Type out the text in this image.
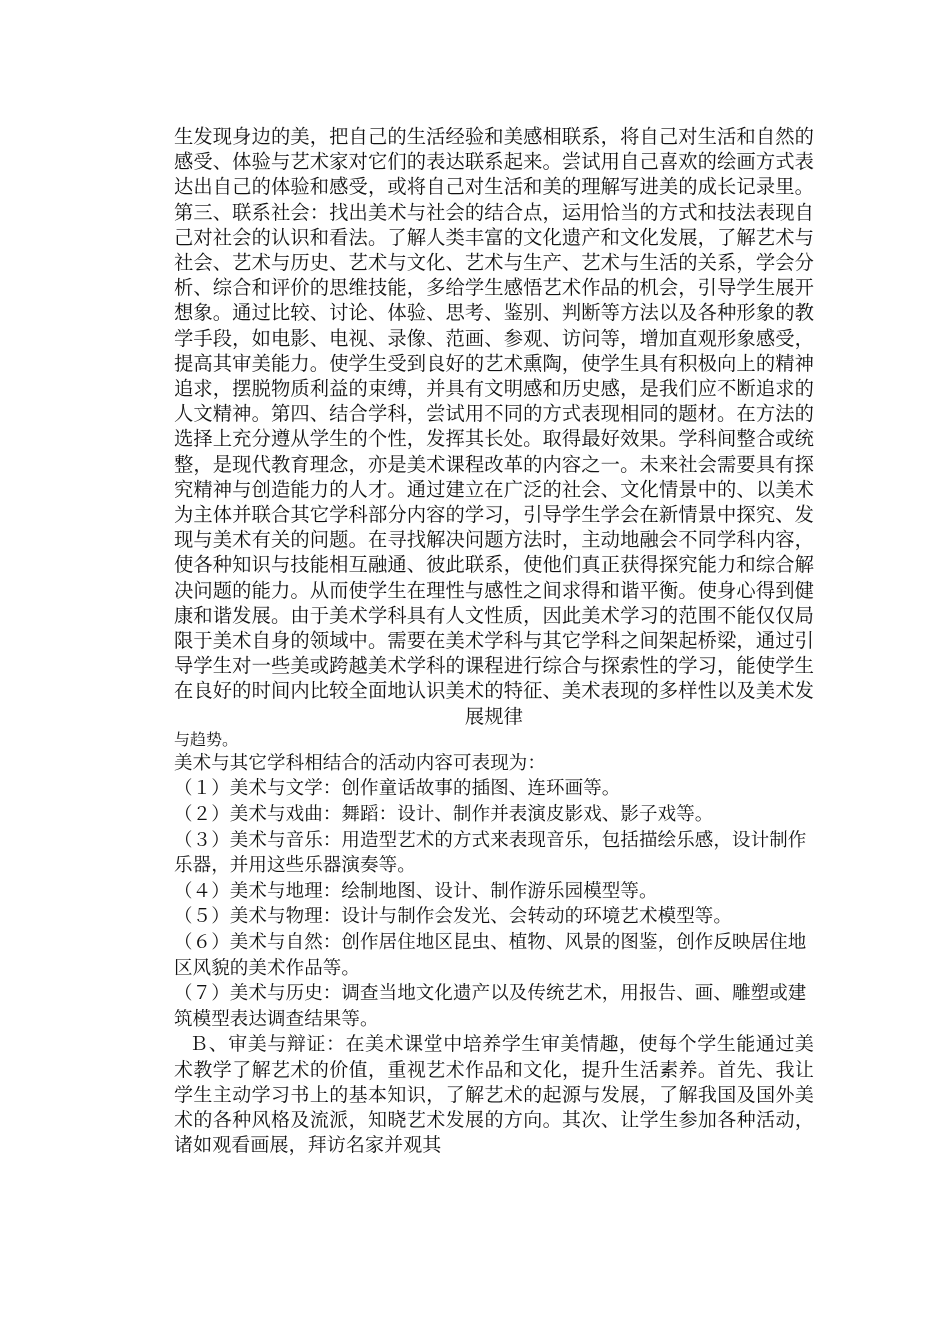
生发现身边的美，把自己的生活经验和美感相联系，将自己对生活和自然的感受、体验与艺术家对它们的表达联系起来。尝试用自己喜欢的绘画方式表达出自己的体验和感受，或将自己对生活和美的理解写进美的成长记录里。第三、联系社会：找出美术与社会的结合点，运用恰当的方式和技法表现自己对社会的认识和看法。了解人类丰富的文化遗产和文化发展，了解艺术与社会、艺术与历史、艺术与文化、艺术与生产、艺术与生活的关系，学会分析、综合和评价的思维技能，多给学生感悟艺术作品的机会，引导学生展开想象。通过比较、讨论、体验、思考、鉴别、判断等方法以及各种形象的教学手段，如电影、电视、录像、范画、参观、访问等，增加直观形象感受，提高其审美能力。使学生受到良好的艺术熏陶，使学生具有积极向上的精神追求，摆脱物质利益的束缚，并具有文明感和历史感，是我们应不断追求的人文精神。第四、结合学科，尝试用不同的方式表现相同的题材。在方法的选择上充分遵从学生的个性，发挥其长处。取得最好效果。学科间整合或统整，是现代教育理念，亦是美术课程改革的内容之一。未来社会需要具有探究精神与创造能力的人才。通过建立在广泛的社会、文化情景中的、以美术为主体并联合其它学科部分内容的学习，引导学生学会在新情景中探究、发现与美术有关的问题。在寻找解决问题方法时，主动地融会不同学科内容，使各种知识与技能相互融通、彼此联系，使他们真正获得探究能力和综合解决问题的能力。从而使学生在理性与感性之间求得和谐平衡。使身心得到健康和谐发展。由于美术学科具有人文性质，因此美术学习的范围不能仅仅局限于美术自身的领域中。需要在美术学科与其它学科之间架起桥梁，通过引导学生对一些美或跨越美术学科的课程进行综合与探索性的学习，能使学生在良好的时间内比较全面地认识美术的特征、美术表现的多样性以及美术发展规律

与趋势。

美术与其它学科相结合的活动内容可表现为：

（１）美术与文学：创作童话故事的插图、连环画等。

（２）美术与戏曲：舞蹈：设计、制作并表演皮影戏、影子戏等。

（３）美术与音乐：用造型艺术的方式来表现音乐，包括描绘乐感，设计制作乐器，并用这些乐器演奏等。

（４）美术与地理：绘制地图、设计、制作游乐园模型等。

（５）美术与物理：设计与制作会发光、会转动的环境艺术模型等。

（６）美术与自然：创作居住地区昆虫、植物、风景的图鉴，创作反映居住地区风貌的美术作品等。

（７）美术与历史：调查当地文化遗产以及传统艺术，用报告、画、雕塑或建筑模型表达调查结果等。

Ｂ、审美与辩证：在美术课堂中培养学生审美情趣，使每个学生能通过美术教学了解艺术的价值，重视艺术作品和文化，提升生活素养。首先、我让学生主动学习书上的基本知识，了解艺术的起源与发展，了解我国及国外美术的各种风格及流派，知晓艺术发展的方向。其次、让学生参加各种活动，诸如观看画展，拜访名家并观其
